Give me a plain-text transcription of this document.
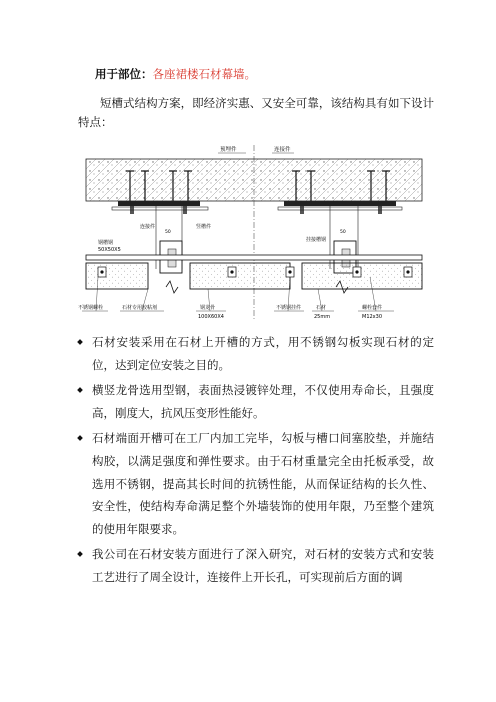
用于部位：各座裙楼石材幕墙。

短槽式结构方案，即经济实惠、又安全可靠，该结构具有如下设计特点：

预埋件	连接件
50	50
连接件	竖槽件
挂接槽钢
钢槽钢
50X50X5
不锈钢螺栓	石材专用胶粘剂	钢龙骨
100X60X4
不锈钢挂件	石材
25mm
螺栓套件
M12x30
石材安装采用在石材上开槽的方式，用不锈钢勾板实现石材的定位，达到定位安装之目的。
横竖龙骨选用型钢，表面热浸镀锌处理，不仅使用寿命长，且强度高，刚度大，抗风压变形性能好。
石材端面开槽可在工厂内加工完毕，勾板与槽口间塞胶垫，并施结构胶，以满足强度和弹性要求。由于石材重量完全由托板承受，故选用不锈钢，提高其长时间的抗锈性能，从而保证结构的长久性、安全性，使结构寿命满足整个外墙装饰的使用年限，乃至整个建筑的使用年限要求。
我公司在石材安装方面进行了深入研究，对石材的安装方式和安装工艺进行了周全设计，连接件上开长孔，可实现前后方面的调
